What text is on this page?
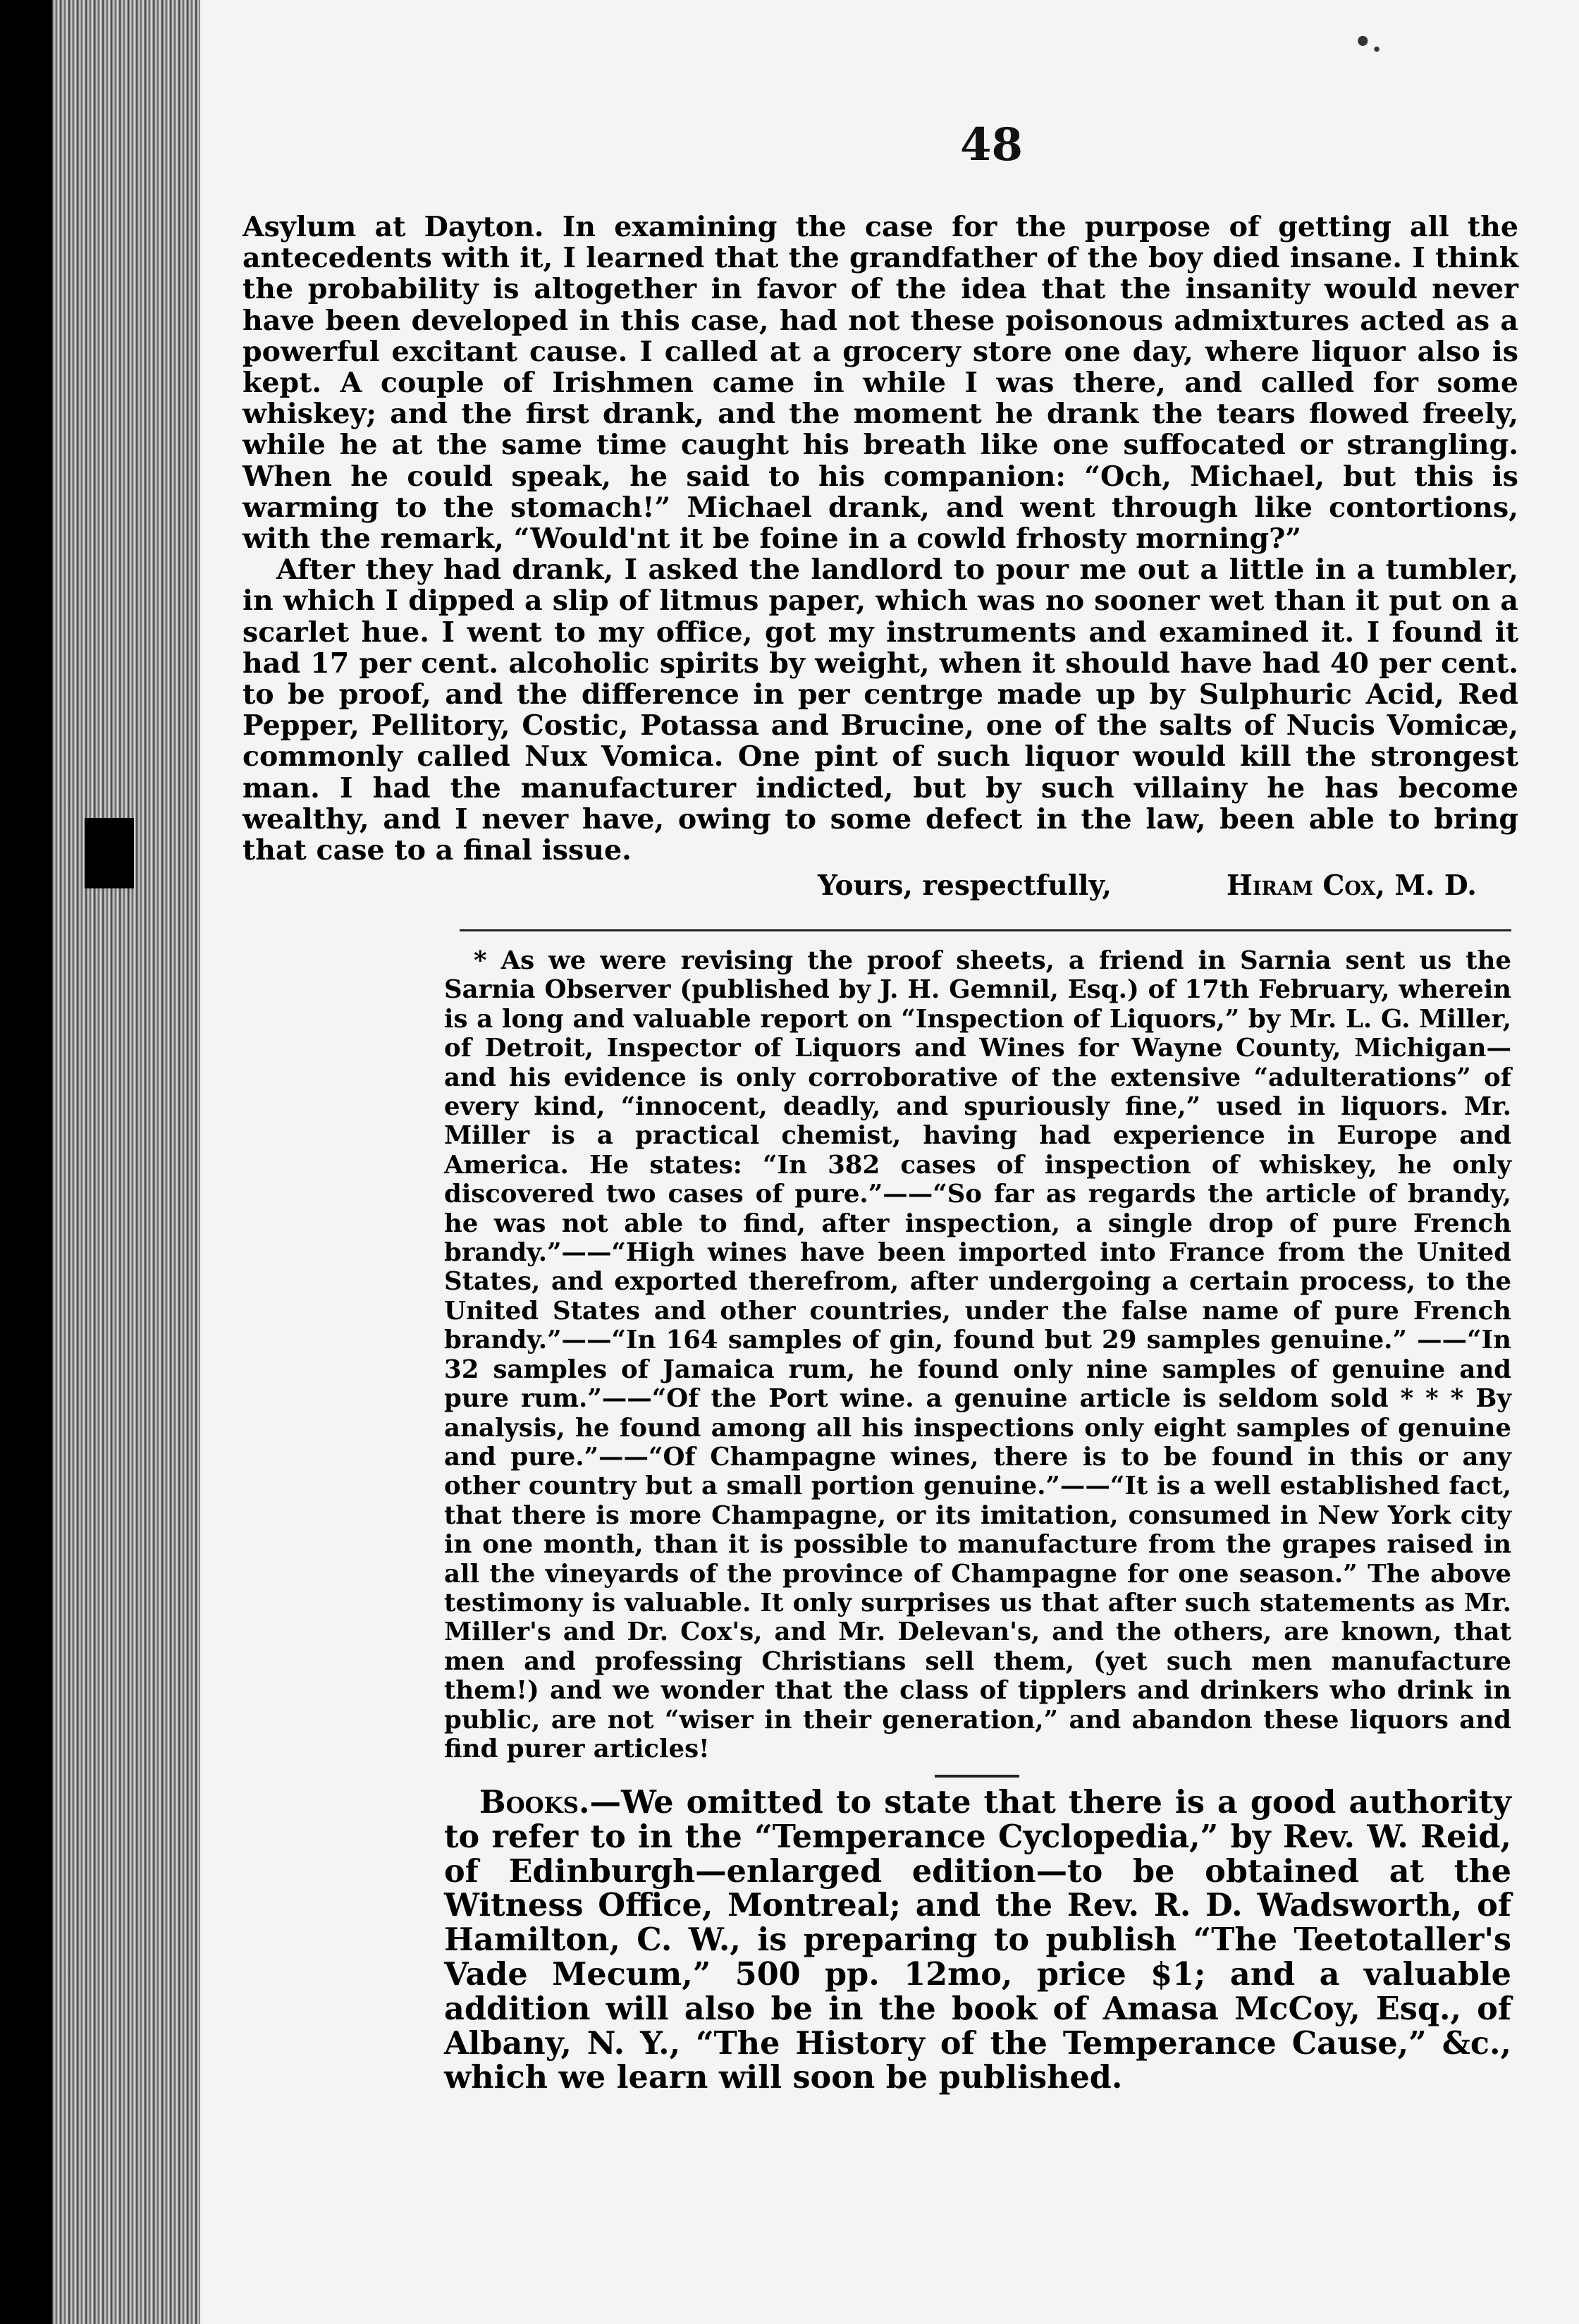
•.
48

Asylum at Dayton. In examining the case for the purpose of getting all the antecedents with it, I learned that the grandfather of the boy died insane. I think the probability is altogether in favor of the idea that the insanity would never have been developed in this case, had not these poisonous admixtures acted as a powerful excitant cause. I called at a grocery store one day, where liquor also is kept. A couple of Irishmen came in while I was there, and called for some whiskey; and the first drank, and the moment he drank the tears flowed freely, while he at the same time caught his breath like one suffocated or strangling. When he could speak, he said to his companion: “Och, Michael, but this is warming to the stomach!” Michael drank, and went through like contortions, with the remark, “Would'nt it be foine in a cowld frhosty morning?”

After they had drank, I asked the landlord to pour me out a little in a tumbler, in which I dipped a slip of litmus paper, which was no sooner wet than it put on a scarlet hue. I went to my office, got my instruments and examined it. I found it had 17 per cent. alcoholic spirits by weight, when it should have had 40 per cent. to be proof, and the difference in per centrge made up by Sulphuric Acid, Red Pepper, Pellitory, Costic, Potassa and Brucine, one of the salts of Nucis Vomicæ, commonly called Nux Vomica. One pint of such liquor would kill the strongest man. I had the manufacturer indicted, but by such villainy he has become wealthy, and I never have, owing to some defect in the law, been able to bring that case to a final issue.

Yours, respectfully,	Hiram Cox, M. D.

* As we were revising the proof sheets, a friend in Sarnia sent us the Sarnia Observer (published by J. H. Gemnil, Esq.) of 17th February, wherein is a long and valuable report on “Inspection of Liquors,” by Mr. L. G. Miller, of Detroit, Inspector of Liquors and Wines for Wayne County, Michigan—and his evidence is only corroborative of the extensive “adulterations” of every kind, “innocent, deadly, and spuriously fine,” used in liquors. Mr. Miller is a practical chemist, having had experience in Europe and America. He states: “In 382 cases of inspection of whiskey, he only discovered two cases of pure.”——“So far as regards the article of brandy, he was not able to find, after inspection, a single drop of pure French brandy.”——“High wines have been imported into France from the United States, and exported therefrom, after undergoing a certain process, to the United States and other countries, under the false name of pure French brandy.”——“In 164 samples of gin, found but 29 samples genuine.” ——“In 32 samples of Jamaica rum, he found only nine samples of genuine and pure rum.”——“Of the Port wine. a genuine article is seldom sold * * * By analysis, he found among all his inspections only eight samples of genuine and pure.”——“Of Champagne wines, there is to be found in this or any other country but a small portion genuine.”——“It is a well established fact, that there is more Champagne, or its imitation, consumed in New York city in one month, than it is possible to manufacture from the grapes raised in all the vineyards of the province of Champagne for one season.” The above testimony is valuable. It only surprises us that after such statements as Mr. Miller's and Dr. Cox's, and Mr. Delevan's, and the others, are known, that men and professing Christians sell them, (yet such men manufacture them!) and we wonder that the class of tipplers and drinkers who drink in public, are not “wiser in their generation,” and abandon these liquors and find purer articles!

Books.—We omitted to state that there is a good authority to refer to in the “Temperance Cyclopedia,” by Rev. W. Reid, of Edinburgh—enlarged edition—to be obtained at the Witness Office, Montreal; and the Rev. R. D. Wadsworth, of Hamilton, C. W., is preparing to publish “The Teetotaller's Vade Mecum,” 500 pp. 12mo, price $1; and a valuable addition will also be in the book of Amasa McCoy, Esq., of Albany, N. Y., “The History of the Temperance Cause,” &c., which we learn will soon be published.
